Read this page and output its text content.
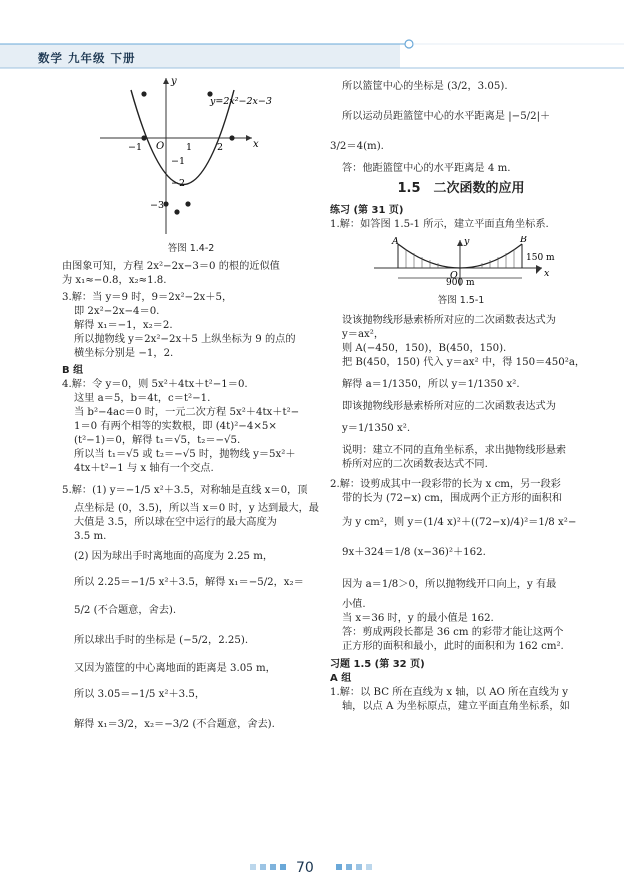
数学 九年级 下册
x
y
O
−1	1	2
−1
−2
−3
y=2x²−2x−3

答图 1.4-2

由图象可知，方程 2x²−2x−3＝0 的根的近似值

为 x₁≈−0.8，x₂≈1.8.

3.解：当 y＝9 时，9＝2x²−2x＋5，

即 2x²−2x−4＝0.

解得 x₁＝−1，x₂＝2.

所以抛物线 y＝2x²−2x＋5 上纵坐标为 9 的点的

横坐标分别是 −1，2.

B 组

4.解：令 y＝0，则 5x²＋4tx＋t²−1＝0.

这里 a＝5，b＝4t，c＝t²−1.

当 b²−4ac＝0 时，一元二次方程 5x²＋4tx＋t²−

1＝0 有两个相等的实数根，即 (4t)²−4×5×

(t²−1)＝0，解得 t₁＝√5，t₂＝−√5.

所以当 t₁＝√5 或 t₂＝−√5 时，抛物线 y＝5x²＋

4tx＋t²−1 与 x 轴有一个交点.

5.解：(1) y＝−1/5 x²＋3.5，对称轴是直线 x＝0，顶

点坐标是 (0，3.5)，所以当 x＝0 时，y 达到最大，最

大值是 3.5，所以球在空中运行的最大高度为

3.5 m.

(2) 因为球出手时离地面的高度为 2.25 m，

所以 2.25＝−1/5 x²＋3.5，解得 x₁＝−5/2，x₂＝

5/2 (不合题意，舍去).

所以球出手时的坐标是 (−5/2，2.25).

又因为篮筐的中心离地面的距离是 3.05 m，

所以 3.05＝−1/5 x²＋3.5，

解得 x₁＝3/2，x₂＝−3/2 (不合题意，舍去).

所以篮筐中心的坐标是 (3/2，3.05).

所以运动员距篮筐中心的水平距离是 |−5/2|＋

3/2＝4(m).

答：他距篮筐中心的水平距离是 4 m.

1.5　二次函数的应用

练习 (第 31 页)

1.解：如答图 1.5-1 所示，建立平面直角坐标系.

A	B
O	x
y
150 m
900 m

答图 1.5-1

设该抛物线形悬索桥所对应的二次函数表达式为

y＝ax²，

则 A(−450，150)，B(450，150).

把 B(450，150) 代入 y＝ax² 中，得 150＝450²a，

解得 a＝1/1350，所以 y＝1/1350 x².

即该抛物线形悬索桥所对应的二次函数表达式为

y＝1/1350 x².

说明：建立不同的直角坐标系，求出抛物线形悬索

桥所对应的二次函数表达式不同.

2.解：设剪成其中一段彩带的长为 x cm，另一段彩

带的长为 (72−x) cm，围成两个正方形的面积和

为 y cm²，则 y＝(1/4 x)²＋((72−x)/4)²＝1/8 x²−

9x＋324＝1/8 (x−36)²＋162.

因为 a＝1/8＞0，所以抛物线开口向上，y 有最

小值.

当 x＝36 时，y 的最小值是 162.

答：剪成两段长都是 36 cm 的彩带才能让这两个

正方形的面积和最小，此时的面积和为 162 cm².

习题 1.5 (第 32 页)

A 组

1.解：以 BC 所在直线为 x 轴，以 AO 所在直线为 y

轴，以点 A 为坐标原点，建立平面直角坐标系，如

70
